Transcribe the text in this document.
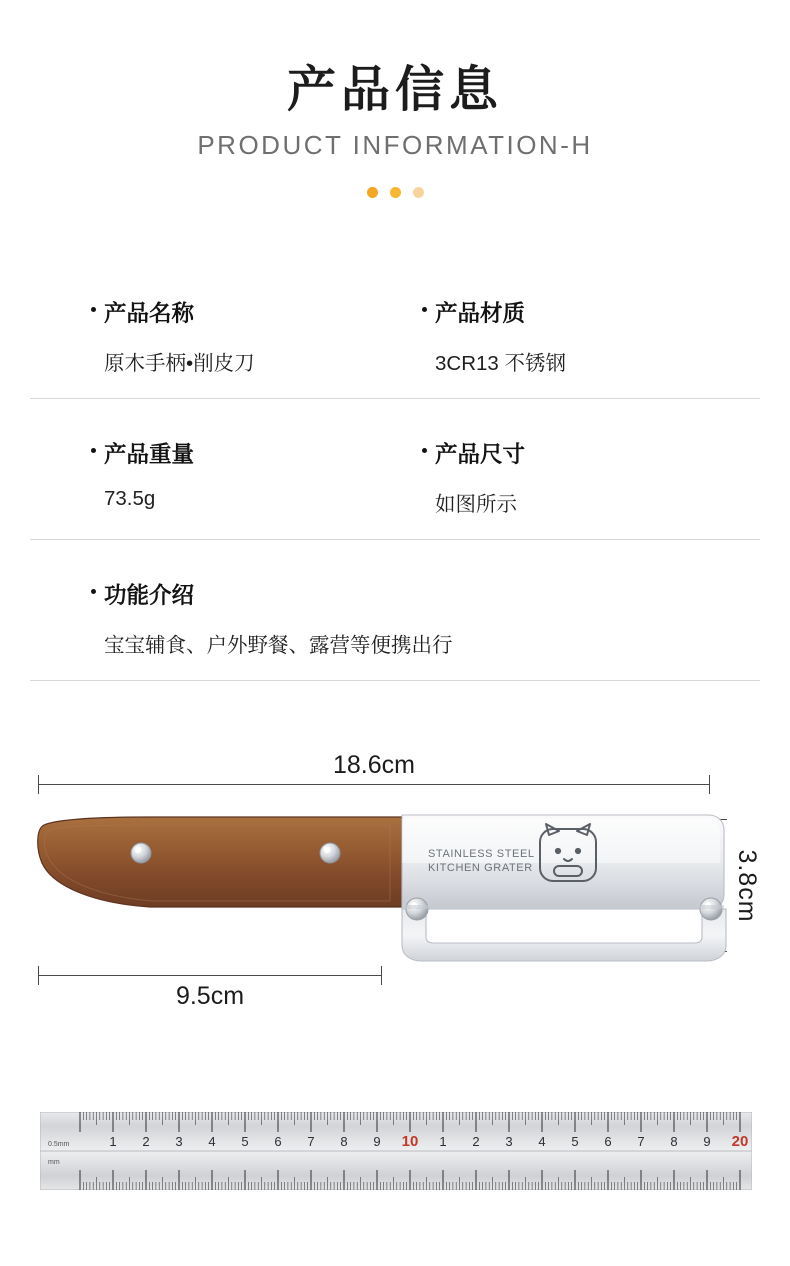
产品信息
PRODUCT INFORMATION-H
产品名称
原木手柄•削皮刀
产品材质
3CR13 不锈钢
产品重量
73.5g
产品尺寸
如图所示
功能介绍
宝宝辅食、户外野餐、露营等便携出行
18.6cm
3.8cm
9.5cm
STAINLESS STEEL
KITCHEN GRATER
1 2 3 4 5 6 7 8 9 10 1 2 3 4 5 6 7 8 9 20
0.5mm
mm
